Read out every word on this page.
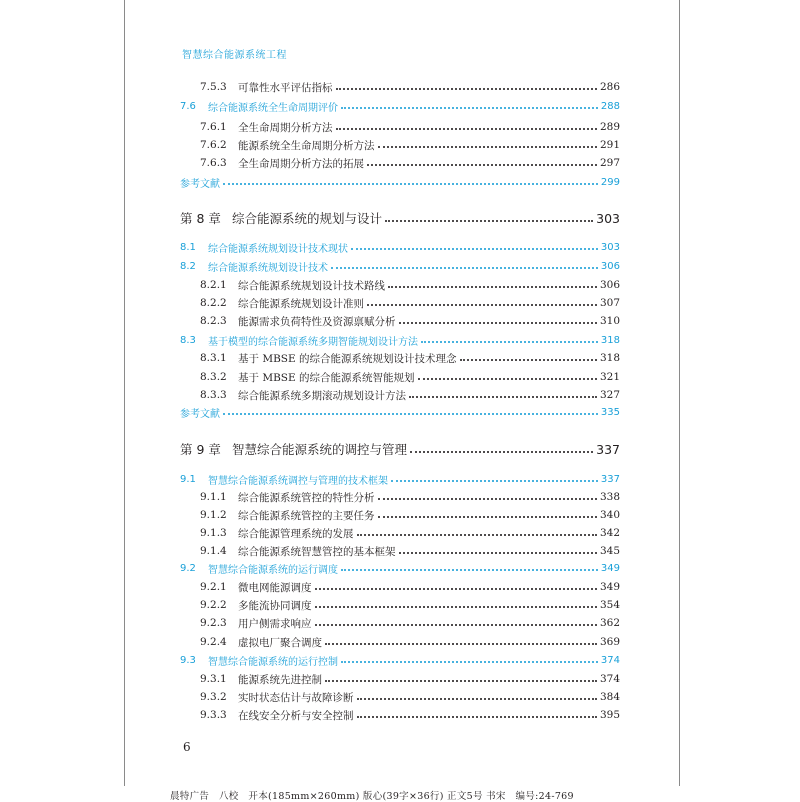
智慧综合能源系统工程
7.5.3	可靠性水平评估指标	286
7.6	综合能源系统全生命周期评价	288
7.6.1	全生命周期分析方法	289
7.6.2	能源系统全生命周期分析方法	291
7.6.3	全生命周期分析方法的拓展	297
参考文献	299
第 8 章 综合能源系统的规划与设计	303
8.1	综合能源系统规划设计技术现状	303
8.2	综合能源系统规划设计技术	306
8.2.1	综合能源系统规划设计技术路线	306
8.2.2	综合能源系统规划设计准则	307
8.2.3	能源需求负荷特性及资源禀赋分析	310
8.3	基于模型的综合能源系统多期智能规划设计方法	318
8.3.1	基于 MBSE 的综合能源系统规划设计技术理念	318
8.3.2	基于 MBSE 的综合能源系统智能规划	321
8.3.3	综合能源系统多期滚动规划设计方法	327
参考文献	335
第 9 章 智慧综合能源系统的调控与管理	337
9.1	智慧综合能源系统调控与管理的技术框架	337
9.1.1	综合能源系统管控的特性分析	338
9.1.2	综合能源系统管控的主要任务	340
9.1.3	综合能源管理系统的发展	342
9.1.4	综合能源系统智慧管控的基本框架	345
9.2	智慧综合能源系统的运行调度	349
9.2.1	微电网能源调度	349
9.2.2	多能流协同调度	354
9.2.3	用户侧需求响应	362
9.2.4	虚拟电厂聚合调度	369
9.3	智慧综合能源系统的运行控制	374
9.3.1	能源系统先进控制	374
9.3.2	实时状态估计与故障诊断	384
9.3.3	在线安全分析与安全控制	395
6
晨特广告　八校　开本(185mm×260mm) 版心(39字×36行) 正文5号 书宋　编号:24-769
